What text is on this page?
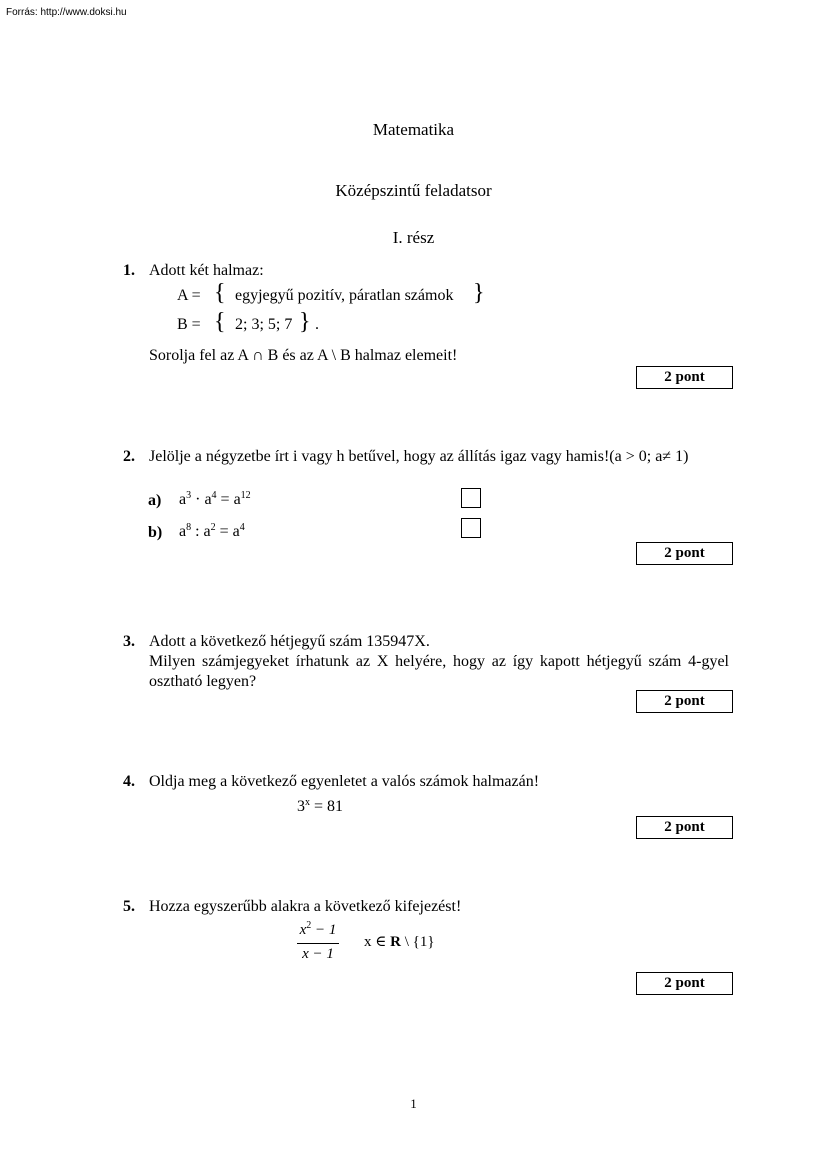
Forrás: http://www.doksi.hu
Matematika
Középszintű feladatsor
I. rész
1. Adott két halmaz:
A = { egyjegyű pozitív, páratlan számok }
B = { 2; 3; 5; 7 } .
Sorolja fel az A ∩ B és az A \ B halmaz elemeit!
2 pont
2. Jelölje a négyzetbe írt i vagy h betűvel, hogy az állítás igaz vagy hamis!(a > 0; a≠ 1)
a) $a^3 \cdot a^4 = a^{12}$
b) $a^8$ : $a^2 = a^4$
2 pont
3. Adott a következő hétjegyű szám 135947X.
Milyen számjegyeket írhatunk az X helyére, hogy az így kapott hétjegyű szám 4-gyel
osztható legyen?
2 pont
4. Oldja meg a következő egyenletet a valós számok halmazán!
$3^x = 81$
2 pont
5. Hozza egyszerűbb alakra a következő kifejezést!
$\frac{x^2 - 1}{x - 1}$ x ∈ R \ {1}
2 pont
1
